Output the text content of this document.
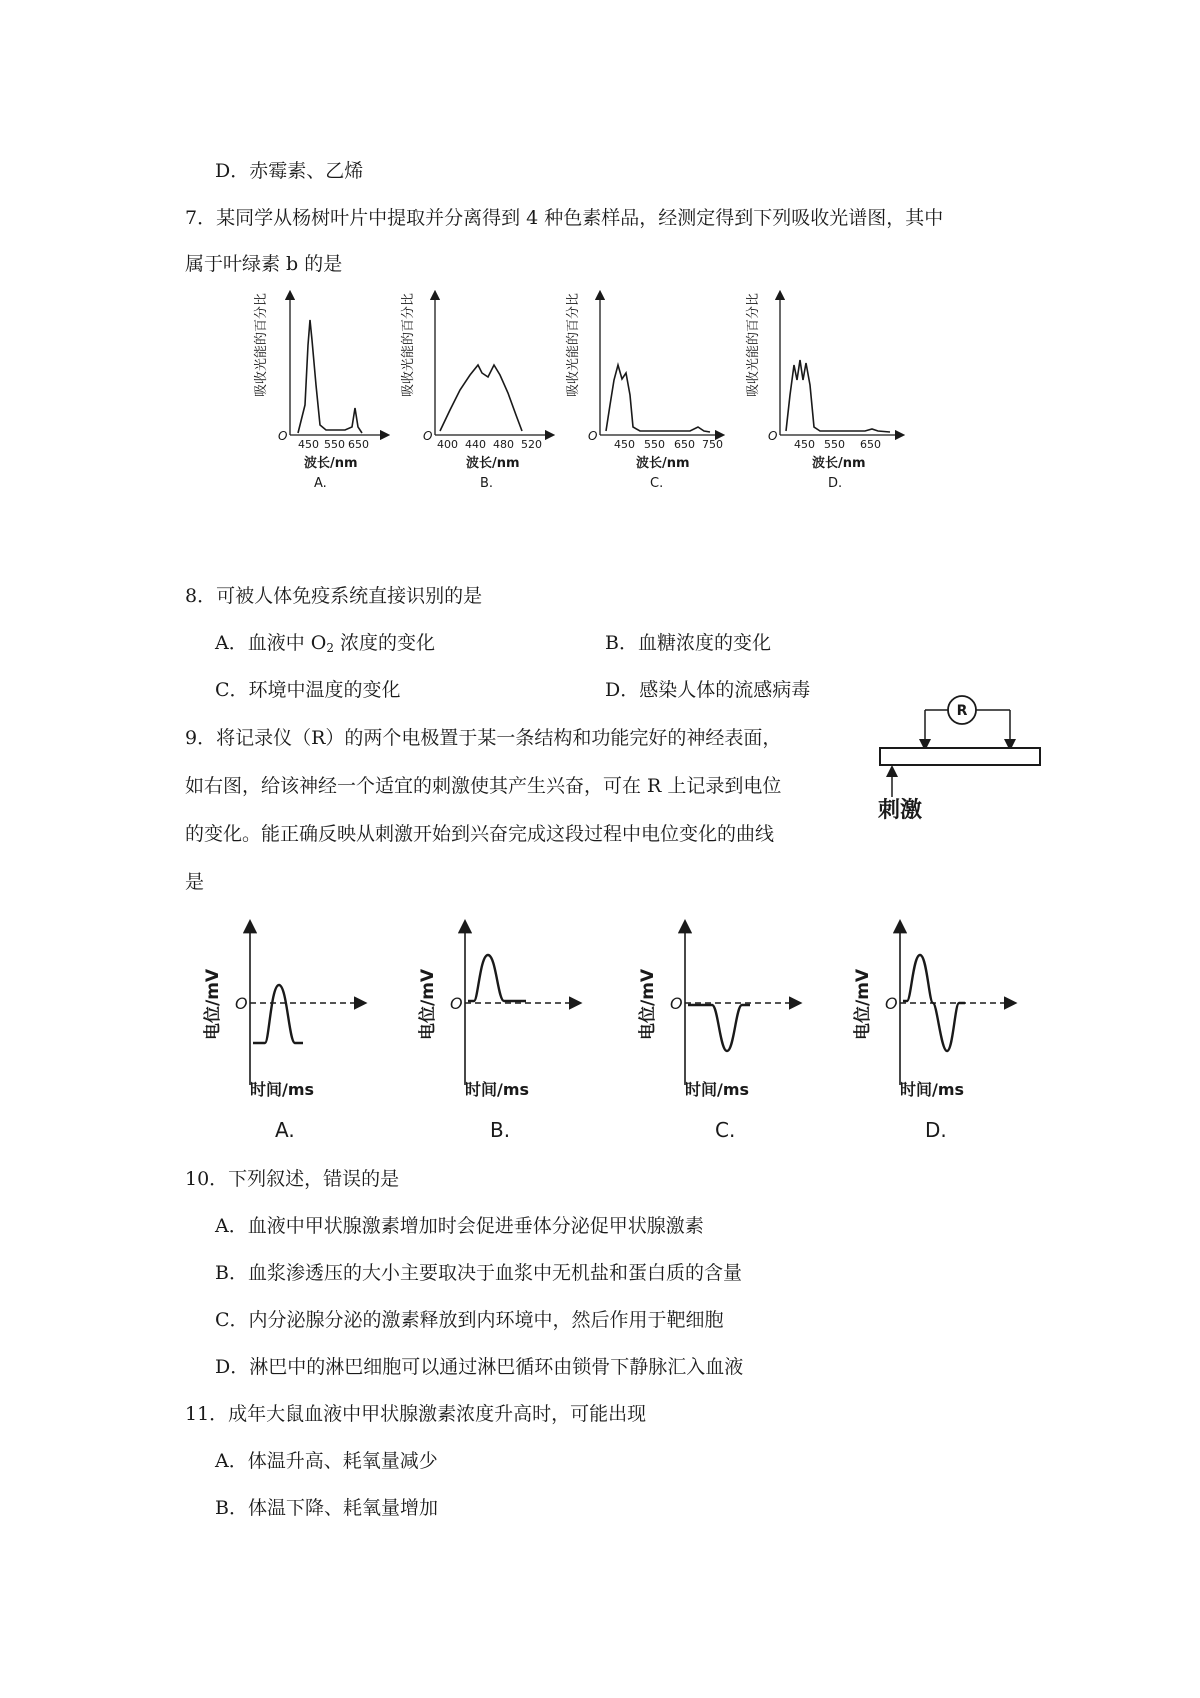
D．赤霉素、乙烯
7．某同学从杨树叶片中提取并分离得到 4 种色素样品，经测定得到下列吸收光谱图，其中
属于叶绿素 b 的是
O
450 550 650
吸收光能的百分比
波长/nm
A.
O
400 440 480 520
吸收光能的百分比
波长/nm
B.
O
450 550 650 750
吸收光能的百分比
波长/nm
C.
O
450 550 650
吸收光能的百分比
波长/nm
D.
8．可被人体免疫系统直接识别的是
A．血液中 $O_2$ 浓度的变化	B．血糖浓度的变化
C．环境中温度的变化	D．感染人体的流感病毒
9．将记录仪（R）的两个电极置于某一条结构和功能完好的神经表面，
如右图，给该神经一个适宜的刺激使其产生兴奋，可在 R 上记录到电位
的变化。能正确反映从刺激开始到兴奋完成这段过程中电位变化的曲线
是
R
刺激
O
电位/mV
时间/ms
A.
O
电位/mV
时间/ms
B.
O
电位/mV
时间/ms
C.
O
电位/mV
时间/ms
D.
10．下列叙述，错误的是
A．血液中甲状腺激素增加时会促进垂体分泌促甲状腺激素
B．血浆渗透压的大小主要取决于血浆中无机盐和蛋白质的含量
C．内分泌腺分泌的激素释放到内环境中，然后作用于靶细胞
D．淋巴中的淋巴细胞可以通过淋巴循环由锁骨下静脉汇入血液
11．成年大鼠血液中甲状腺激素浓度升高时，可能出现
A．体温升高、耗氧量减少
B．体温下降、耗氧量增加
